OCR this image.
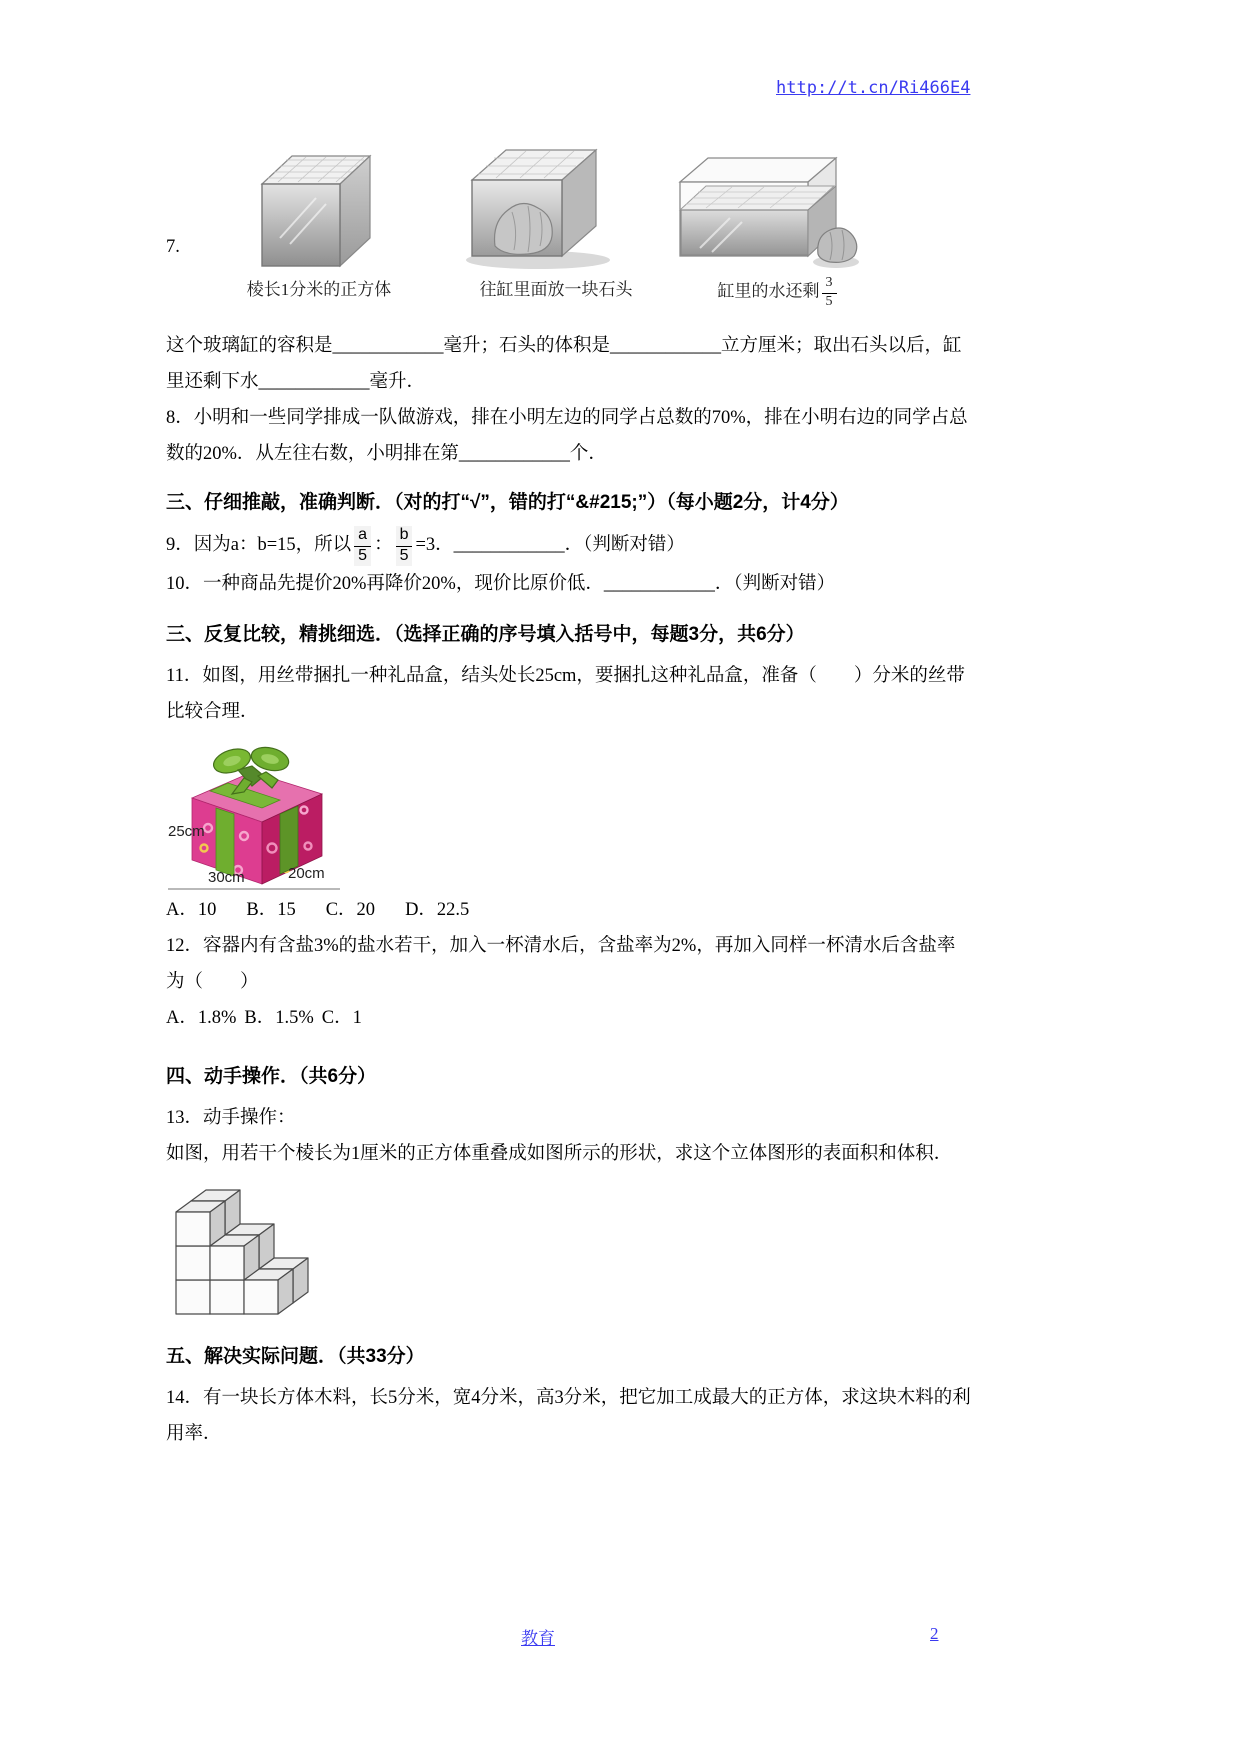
http://t.cn/Ri466E4
7.
棱长1分米的正方体	往缸里面放一块石头	缸里的水还剩 $\frac{3}{5}$

这个玻璃缸的容积是____________毫升；石头的体积是____________立方厘米；取出石头以后，缸里还剩下水____________毫升．

8．小明和一些同学排成一队做游戏，排在小明左边的同学占总数的70%，排在小明右边的同学占总数的20%．从左往右数，小明排在第____________个．

三、仔细推敲，准确判断．（对的打“√”，错的打“&#215;”）（每小题2分，计4分）

9．因为a：b=15，所以 $\frac{a}{5}$ ： $\frac{b}{5} =3$．____________．（判断对错）

10．一种商品先提价20%再降价20%，现价比原价低．____________．（判断对错）

三、反复比较，精挑细选．（选择正确的序号填入括号中，每题3分，共6分）

11．如图，用丝带捆扎一种礼品盒，结头处长25cm，要捆扎这种礼品盒，准备（　　）分米的丝带比较合理．

25cm
30cm	20cm

A．10 B．15 C．20 D．22.5

12．容器内有含盐3%的盐水若干，加入一杯清水后，含盐率为2%，再加入同样一杯清水后含盐率为（　　）

A．1.8% B．1.5% C．1

四、动手操作．（共6分）

13．动手操作：

如图，用若干个棱长为1厘米的正方体重叠成如图所示的形状，求这个立体图形的表面积和体积．

五、解决实际问题．（共33分）

14．有一块长方体木料，长5分米，宽4分米，高3分米，把它加工成最大的正方体，求这块木料的利用率．

教育	2
